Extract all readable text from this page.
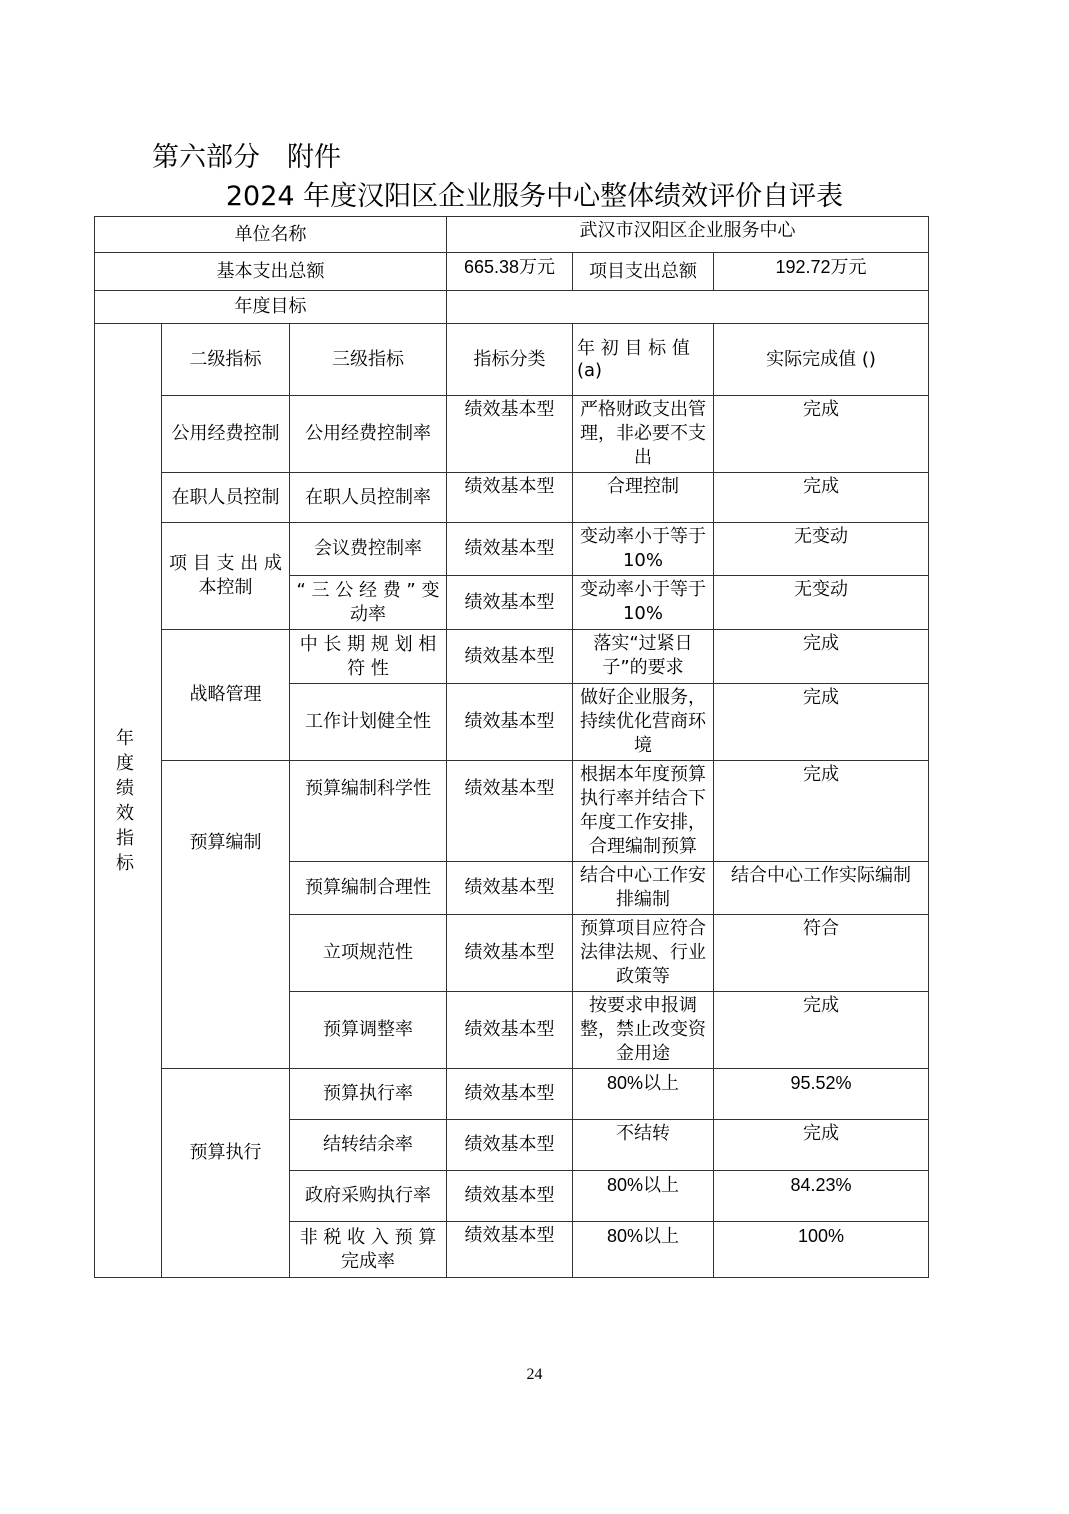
第六部分　附件
2024 年度汉阳区企业服务中心整体绩效评价自评表
单位名称			武汉市汉阳区企业服务中心		
基本支出总额			665.38万元	项目支出总额	192.72万元
年度目标					
年 度 绩 效 指 标	二级指标	三级指标	指标分类	年 初 目 标 值 (a)	实际完成值 ()
	公用经费控制	公用经费控制率	绩效基本型	严格财政支出管理，非必要不支出	完成
	在职人员控制	在职人员控制率	绩效基本型	合理控制	完成
	项 目 支 出 成 本控制	会议费控制率	绩效基本型	变动率小于等于10%	无变动
		“ 三 公 经 费 ” 变动率	绩效基本型	变动率小于等于10%	无变动
	战略管理	中 长 期 规 划 相 符 性	绩效基本型	落实“过紧日子”的要求	完成
		工作计划健全性	绩效基本型	做好企业服务，持续优化营商环境	完成
	预算编制	预算编制科学性	绩效基本型	根据本年度预算执行率并结合下年度工作安排，合理编制预算	完成
		预算编制合理性	绩效基本型	结合中心工作安排编制	结合中心工作实际编制
		立项规范性	绩效基本型	预算项目应符合法律法规、行业政策等	符合
		预算调整率	绩效基本型	按要求申报调整，禁止改变资金用途	完成
	预算执行	预算执行率	绩效基本型	80%以上	95.52%
		结转结余率	绩效基本型	不结转	完成
		政府采购执行率	绩效基本型	80%以上	84.23%
		非 税 收 入 预 算 完成率	绩效基本型	80%以上	100%
24
